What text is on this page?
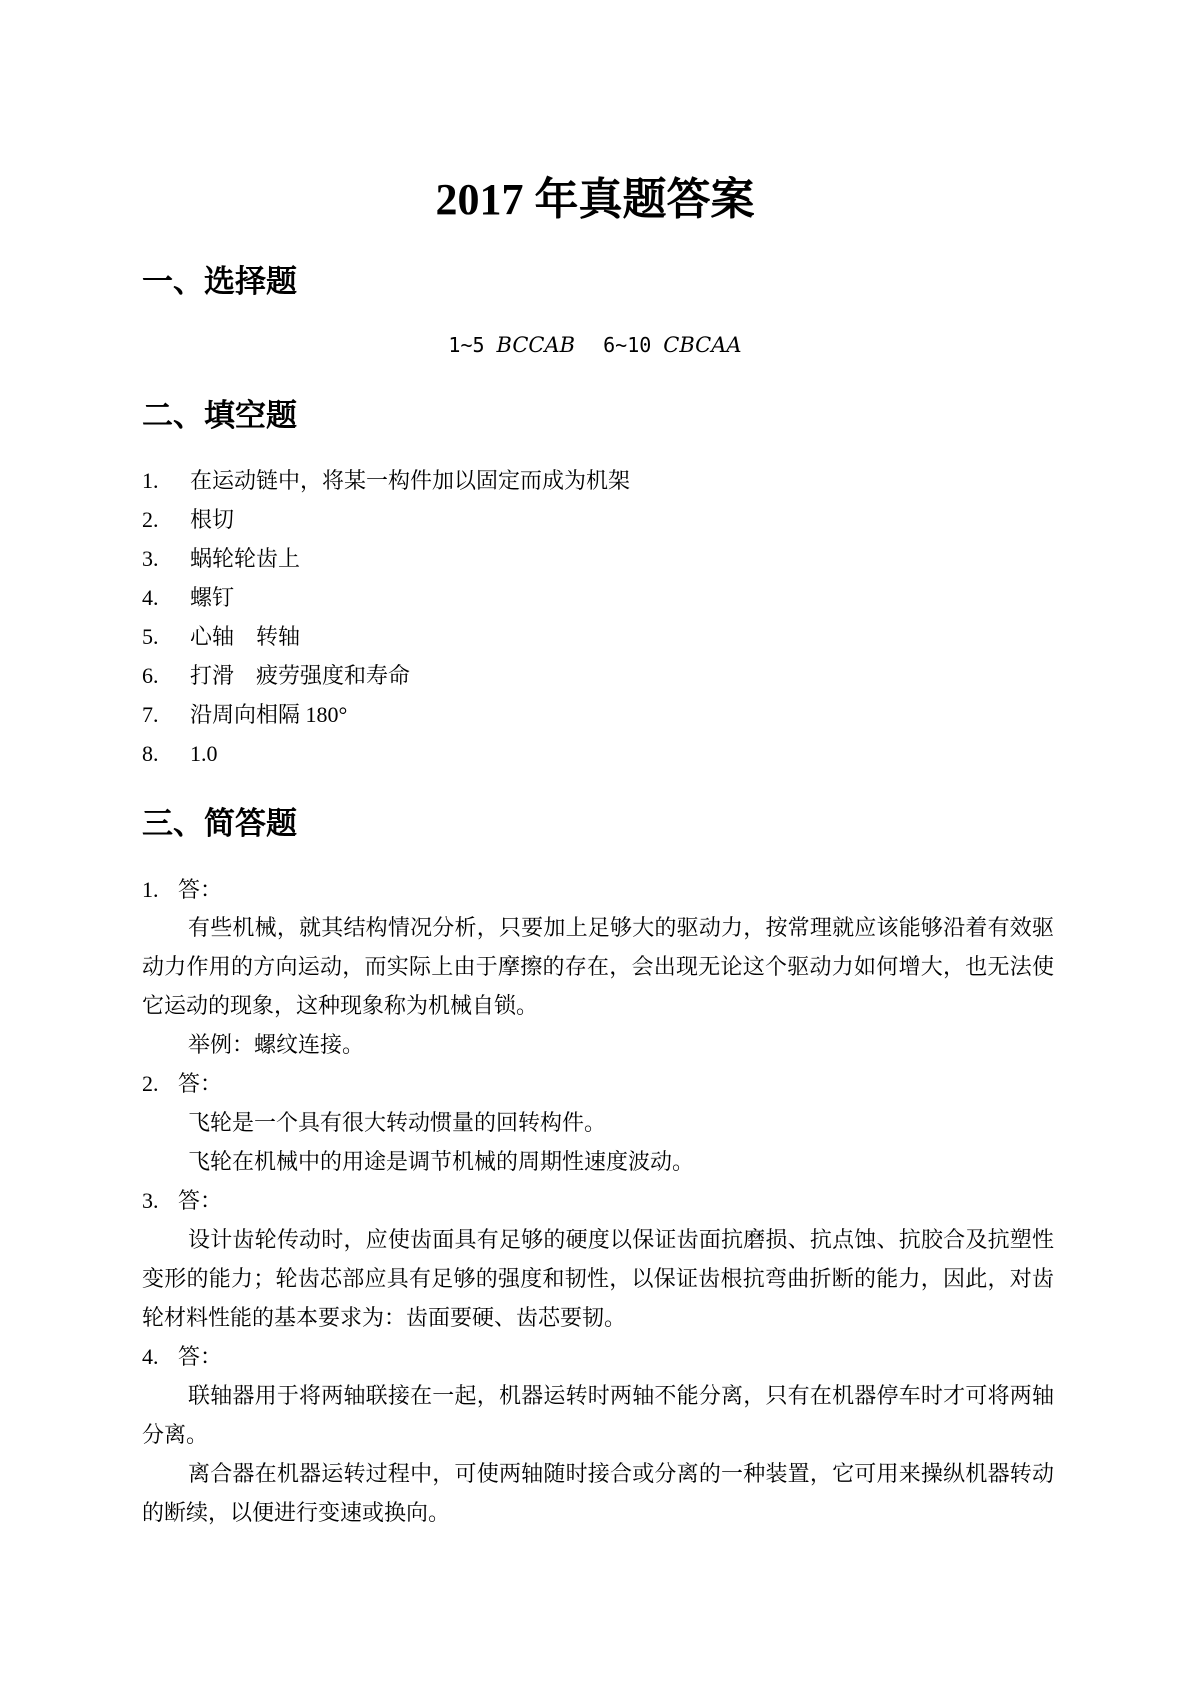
2017 年真题答案
一、选择题
1~5 BCCAB 6~10 CBCAA
二、填空题
1. 在运动链中，将某一构件加以固定而成为机架
2. 根切
3. 蜗轮轮齿上
4. 螺钉
5. 心轴 转轴
6. 打滑 疲劳强度和寿命
7. 沿周向相隔 180°
8. 1.0
三、简答题
1. 答：
有些机械，就其结构情况分析，只要加上足够大的驱动力，按常理就应该能够沿着有效驱动力作用的方向运动，而实际上由于摩擦的存在，会出现无论这个驱动力如何增大，也无法使它运动的现象，这种现象称为机械自锁。
举例：螺纹连接。
2. 答：
飞轮是一个具有很大转动惯量的回转构件。
飞轮在机械中的用途是调节机械的周期性速度波动。
3. 答：
设计齿轮传动时，应使齿面具有足够的硬度以保证齿面抗磨损、抗点蚀、抗胶合及抗塑性变形的能力；轮齿芯部应具有足够的强度和韧性，以保证齿根抗弯曲折断的能力，因此，对齿轮材料性能的基本要求为：齿面要硬、齿芯要韧。
4. 答：
联轴器用于将两轴联接在一起，机器运转时两轴不能分离，只有在机器停车时才可将两轴分离。
离合器在机器运转过程中，可使两轴随时接合或分离的一种装置，它可用来操纵机器转动的断续，以便进行变速或换向。
